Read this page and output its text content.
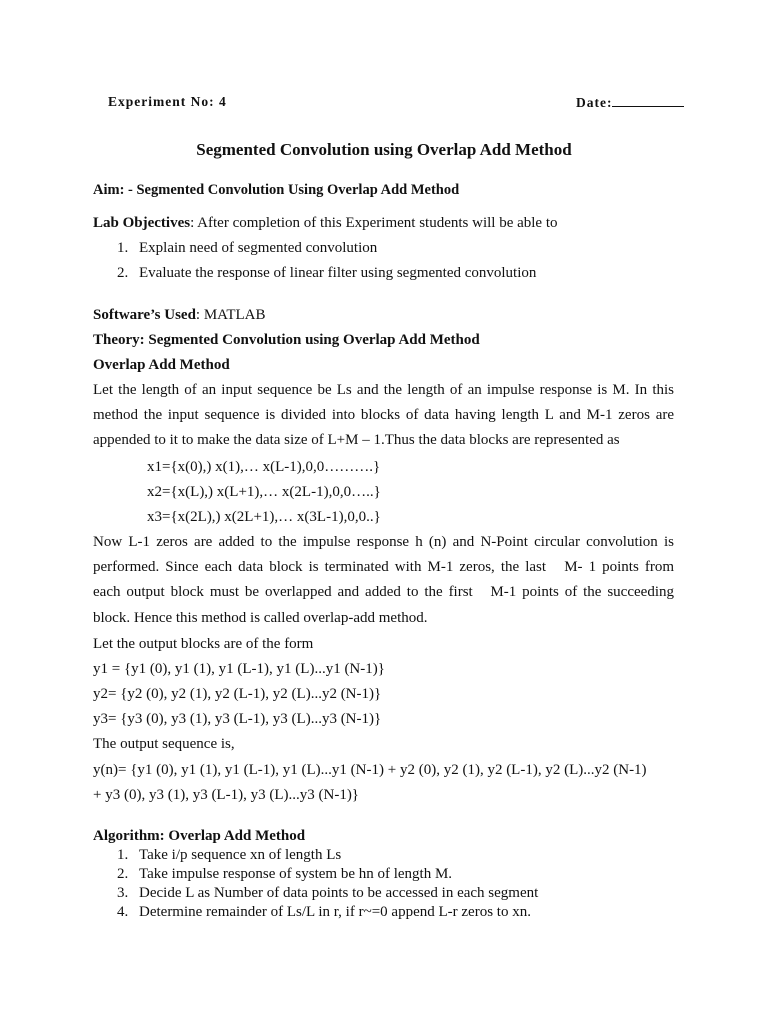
Experiment No: 4	Date:
Segmented Convolution using Overlap Add Method
Aim: - Segmented Convolution Using Overlap Add Method
Lab Objectives: After completion of this Experiment students will be able to
1. Explain need of segmented convolution
2. Evaluate the response of linear filter using segmented convolution
Software’s Used: MATLAB
Theory: Segmented Convolution using Overlap Add Method
Overlap Add Method
Let the length of an input sequence be Ls and the length of an impulse response is M. In this
method the input sequence is divided into blocks of data having length L and M-1 zeros are
appended to it to make the data size of L+M – 1.Thus the data blocks are represented as
x1={x(0),) x(1),… x(L-1),0,0……….}
x2={x(L),) x(L+1),… x(2L-1),0,0…..}
x3={x(2L),) x(2L+1),… x(3L-1),0,0..}
Now L-1 zeros are added to the impulse response h (n) and N-Point circular convolution is
performed. Since each data block is terminated with M-1 zeros, the last   M- 1 points from
each output block must be overlapped and added to the first   M-1 points of the succeeding
block. Hence this method is called overlap-add method.
Let the output blocks are of the form
y1 = {y1 (0), y1 (1), y1 (L-1), y1 (L)...y1 (N-1)}
y2= {y2 (0), y2 (1), y2 (L-1), y2 (L)...y2 (N-1)}
y3= {y3 (0), y3 (1), y3 (L-1), y3 (L)...y3 (N-1)}
The output sequence is,
y(n)= {y1 (0), y1 (1), y1 (L-1), y1 (L)...y1 (N-1) + y2 (0), y2 (1), y2 (L-1), y2 (L)...y2 (N-1)
+ y3 (0), y3 (1), y3 (L-1), y3 (L)...y3 (N-1)}
Algorithm: Overlap Add Method
1. Take i/p sequence xn of length Ls
2. Take impulse response of system be hn of length M.
3. Decide L as Number of data points to be accessed in each segment
4. Determine remainder of Ls/L in r, if r~=0 append L-r zeros to xn.
